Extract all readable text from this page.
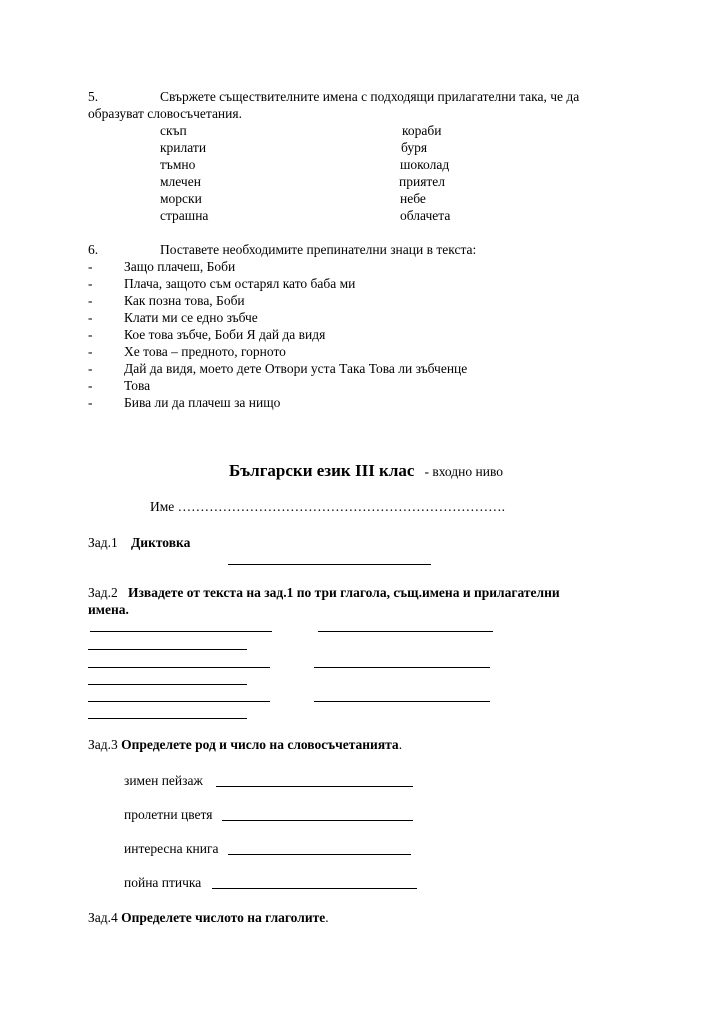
5.	Свържете съществителните имена с подходящи прилагателни така, че да
образуват словосъчетания.
скъп
крилати
тъмно
млечен
морски
страшна
кораби
буря
шоколад
приятел
небе
облачета
6.	Поставете необходимите препинателни знаци в текста:
- Защо плачеш, Боби
- Плача, защото съм остарял като баба ми
- Как позна това, Боби
- Клати ми се едно зъбче
- Кое това зъбче, Боби Я дай да видя
- Хе това – предното, горното
- Дай да видя, моето дете Отвори уста Така Това ли зъбченце
- Това
- Бива ли да плачеш за нищо
Български език III клас - входно ниво
Име ……………………………………………………………….
Зад.1 Диктовка
Зад.2 Извадете от текста на зад.1 по три глагола, същ.имена и прилагателни
имена.
Зад.3 Определете род и число на словосъчетанията.
зимен пейзаж
пролетни цветя
интересна книга
пойна птичка
Зад.4 Определете числото на глаголите.
